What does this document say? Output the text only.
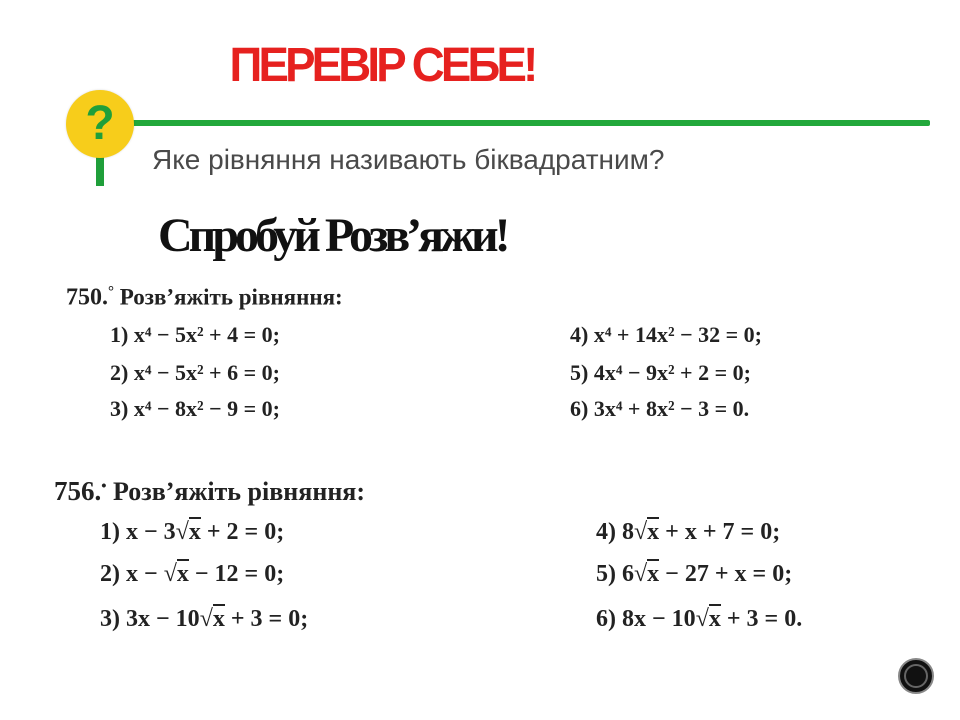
ПЕРЕВІР СЕБЕ!
?
Яке рівняння називають біквадратним?
Спробуй Розв’яжи!
750.° Розв’яжіть рівняння:
1) x⁴ − 5x² + 4 = 0;
2) x⁴ − 5x² + 6 = 0;
3) x⁴ − 8x² − 9 = 0;
4) x⁴ + 14x² − 32 = 0;
5) 4x⁴ − 9x² + 2 = 0;
6) 3x⁴ + 8x² − 3 = 0.
756.• Розв’яжіть рівняння:
1) x − 3√x + 2 = 0;
2) x − √x − 12 = 0;
3) 3x − 10√x + 3 = 0;
4) 8√x + x + 7 = 0;
5) 6√x − 27 + x = 0;
6) 8x − 10√x + 3 = 0.
